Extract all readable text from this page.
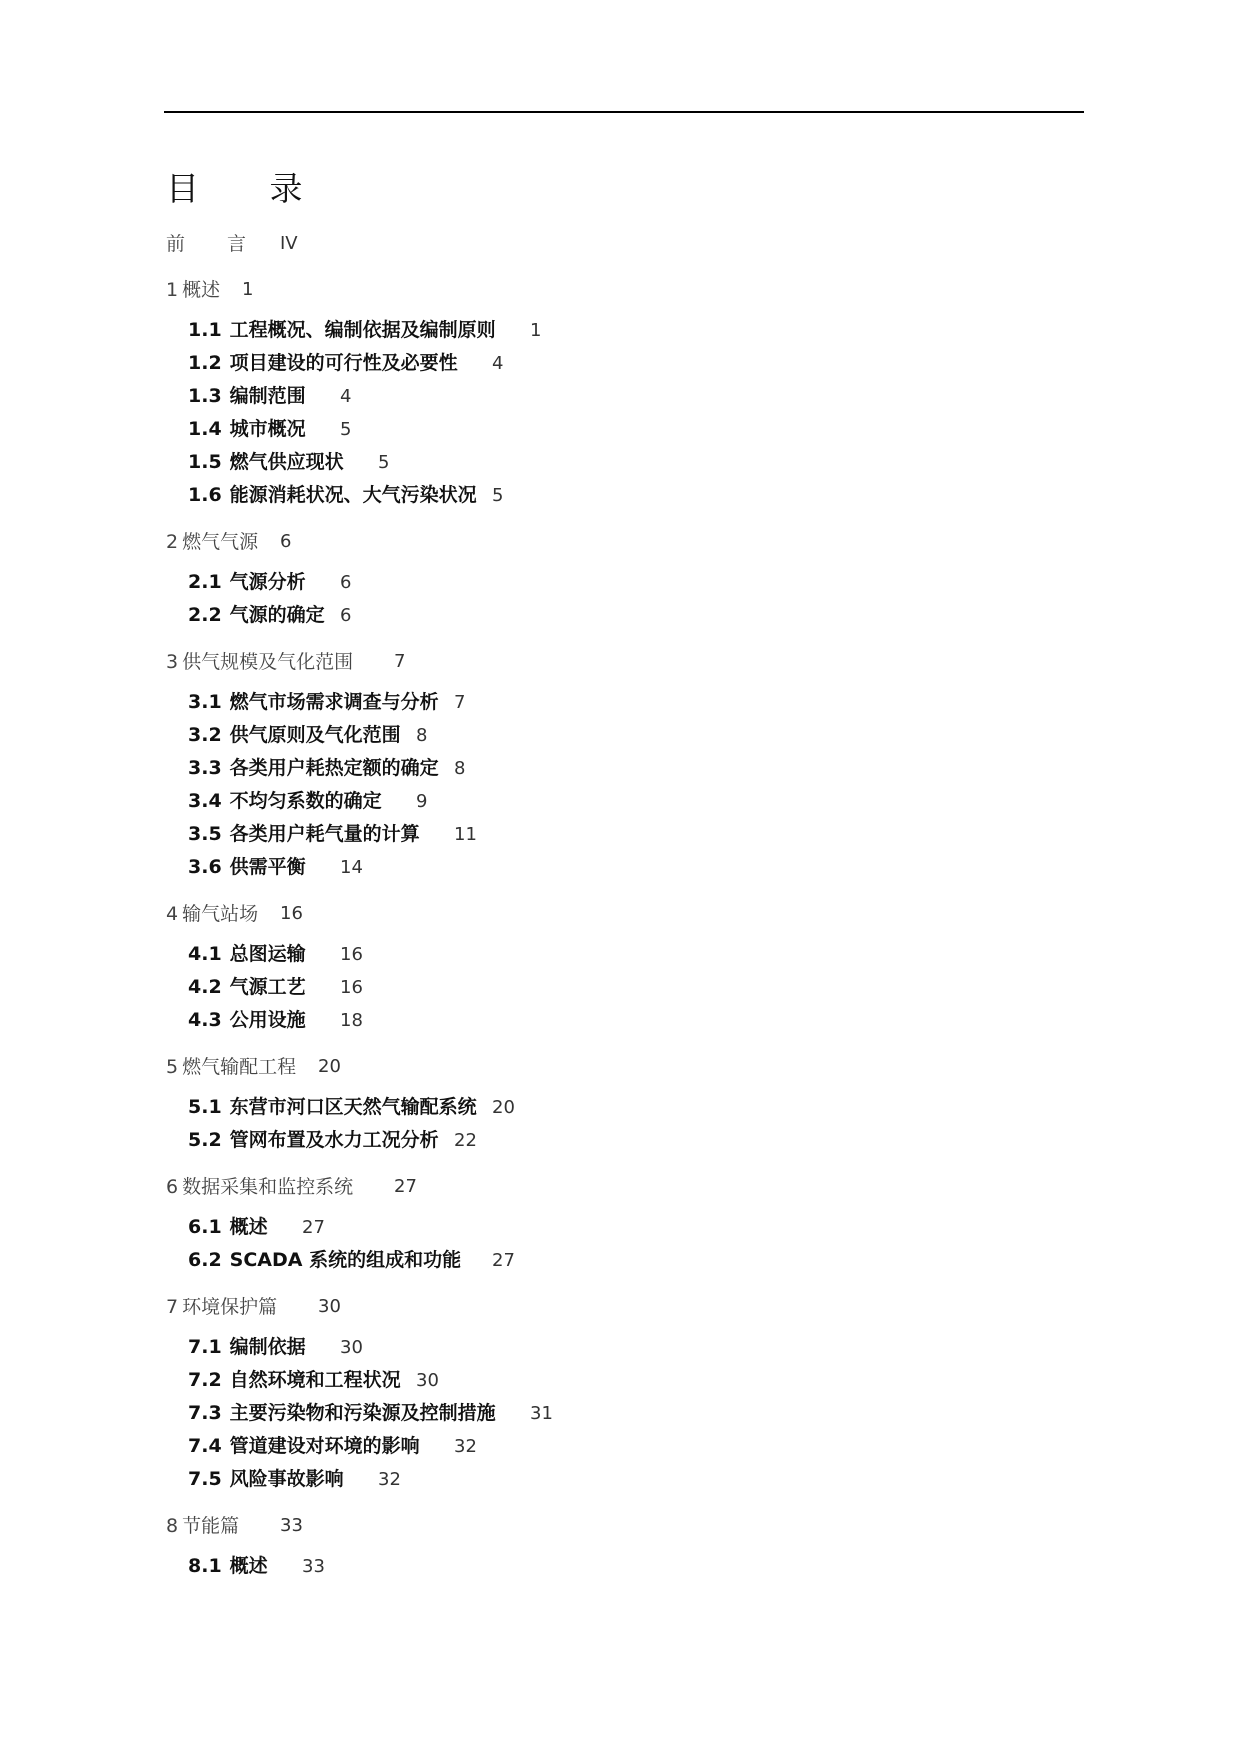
目 录
前 言 IV
1 概述 1
1.1 工程概况、编制依据及编制原则 1
1.2 项目建设的可行性及必要性 4
1.3 编制范围 4
1.4 城市概况 5
1.5 燃气供应现状 5
1.6 能源消耗状况、大气污染状况 5
2 燃气气源 6
2.1 气源分析 6
2.2 气源的确定 6
3 供气规模及气化范围 7
3.1 燃气市场需求调查与分析 7
3.2 供气原则及气化范围 8
3.3 各类用户耗热定额的确定 8
3.4 不均匀系数的确定 9
3.5 各类用户耗气量的计算 11
3.6 供需平衡 14
4 输气站场 16
4.1 总图运输 16
4.2 气源工艺 16
4.3 公用设施 18
5 燃气输配工程 20
5.1 东营市河口区天然气输配系统 20
5.2 管网布置及水力工况分析 22
6 数据采集和监控系统 27
6.1 概述 27
6.2 SCADA 系统的组成和功能 27
7 环境保护篇 30
7.1 编制依据 30
7.2 自然环境和工程状况 30
7.3 主要污染物和污染源及控制措施 31
7.4 管道建设对环境的影响 32
7.5 风险事故影响 32
8 节能篇 33
8.1 概述 33
